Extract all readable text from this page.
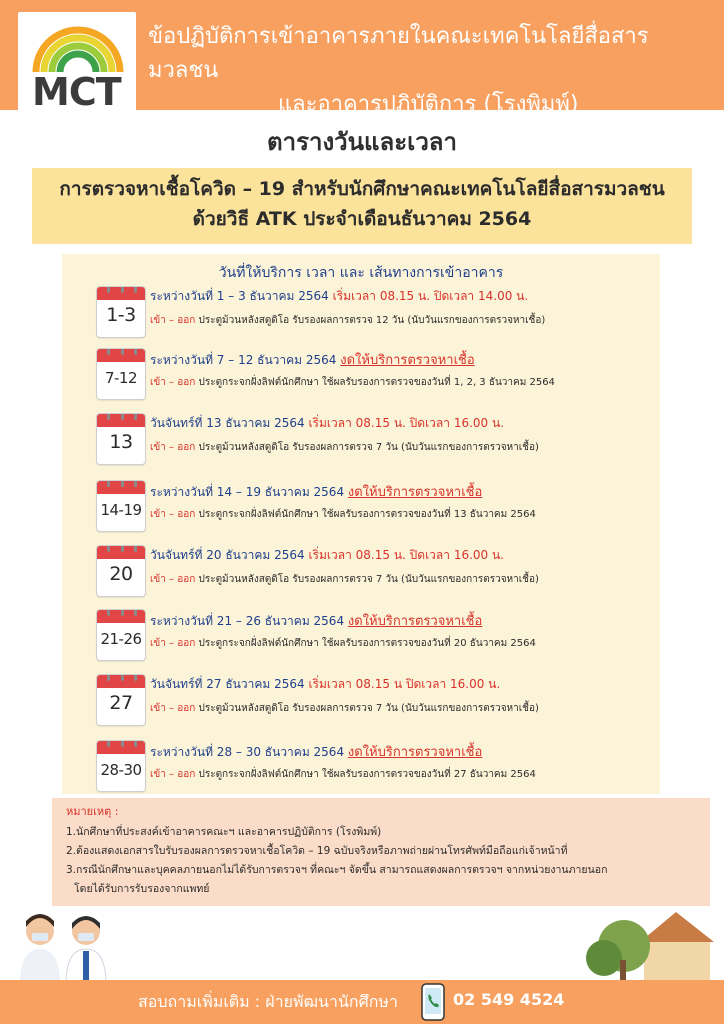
MCT
ข้อปฏิบัติการเข้าอาคารภายในคณะเทคโนโลยีสื่อสารมวลชน
และอาคารปฏิบัติการ (โรงพิมพ์)
ตารางวันและเวลา
การตรวจหาเชื้อโควิด – 19 สำหรับนักศึกษาคณะเทคโนโลยีสื่อสารมวลชน
ด้วยวิธี ATK ประจำเดือนธันวาคม 2564
วันที่ให้บริการ เวลา และ เส้นทางการเข้าอาคาร
1-3
ระหว่างวันที่ 1 – 3 ธันวาคม 2564 เริ่มเวลา 08.15 น. ปิดเวลา 14.00 น.
เข้า – ออก ประตูม้วนหลังสตูดิโอ รับรองผลการตรวจ 12 วัน (นับวันแรกของการตรวจหาเชื้อ)
7-12
ระหว่างวันที่ 7 – 12 ธันวาคม 2564 งดให้บริการตรวจหาเชื้อ
เข้า – ออก ประตูกระจกฝั่งลิฟต์นักศึกษา ใช้ผลรับรองการตรวจของวันที่ 1, 2, 3 ธันวาคม 2564
13
วันจันทร์ที่ 13 ธันวาคม 2564 เริ่มเวลา 08.15 น. ปิดเวลา 16.00 น.
เข้า – ออก ประตูม้วนหลังสตูดิโอ รับรองผลการตรวจ 7 วัน (นับวันแรกของการตรวจหาเชื้อ)
14-19
ระหว่างวันที่ 14 – 19 ธันวาคม 2564 งดให้บริการตรวจหาเชื้อ
เข้า – ออก ประตูกระจกฝั่งลิฟต์นักศึกษา ใช้ผลรับรองการตรวจของวันที่ 13 ธันวาคม 2564
20
วันจันทร์ที่ 20 ธันวาคม 2564 เริ่มเวลา 08.15 น. ปิดเวลา 16.00 น.
เข้า – ออก ประตูม้วนหลังสตูดิโอ รับรองผลการตรวจ 7 วัน (นับวันแรกของการตรวจหาเชื้อ)
21-26
ระหว่างวันที่ 21 – 26 ธันวาคม 2564 งดให้บริการตรวจหาเชื้อ
เข้า – ออก ประตูกระจกฝั่งลิฟต์นักศึกษา ใช้ผลรับรองการตรวจของวันที่ 20 ธันวาคม 2564
27
วันจันทร์ที่ 27 ธันวาคม 2564 เริ่มเวลา 08.15 น ปิดเวลา 16.00 น.
เข้า – ออก ประตูม้วนหลังสตูดิโอ รับรองผลการตรวจ 7 วัน (นับวันแรกของการตรวจหาเชื้อ)
28-30
ระหว่างวันที่ 28 – 30 ธันวาคม 2564 งดให้บริการตรวจหาเชื้อ
เข้า – ออก ประตูกระจกฝั่งลิฟต์นักศึกษา ใช้ผลรับรองการตรวจของวันที่ 27 ธันวาคม 2564
หมายเหตุ :
1.นักศึกษาที่ประสงค์เข้าอาคารคณะฯ และอาคารปฏิบัติการ (โรงพิมพ์)
2.ต้องแสดงเอกสารใบรับรองผลการตรวจหาเชื้อโควิด – 19 ฉบับจริงหรือภาพถ่ายผ่านโทรศัพท์มือถือแก่เจ้าหน้าที่
3.กรณีนักศึกษาและบุคคลภายนอกไม่ได้รับการตรวจฯ ที่คณะฯ จัดขึ้น สามารถแสดงผลการตรวจฯ จากหน่วยงานภายนอก
โดยได้รับการรับรองจากแพทย์
สอบถามเพิ่มเติม : ฝ่ายพัฒนานักศึกษา	02 549 4524
